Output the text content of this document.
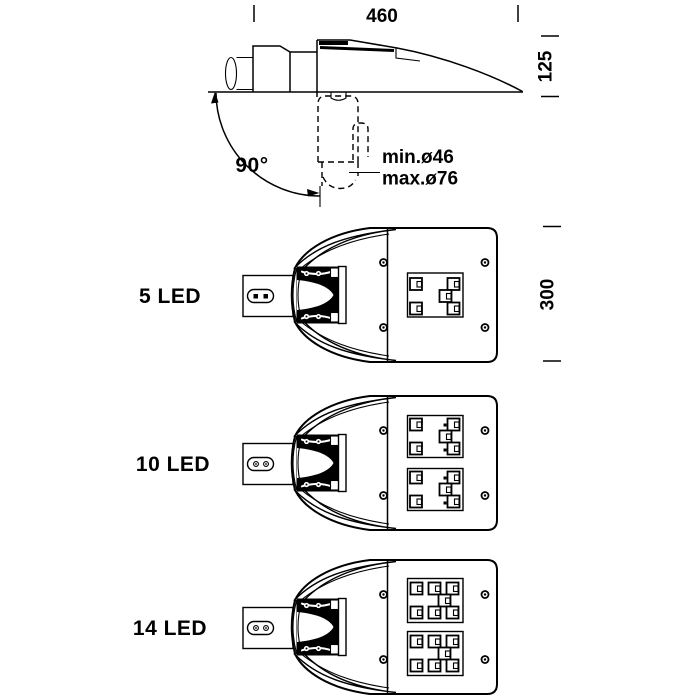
460
90°	min.ø46
max.ø76
125
300
5 LED
10 LED
14 LED
